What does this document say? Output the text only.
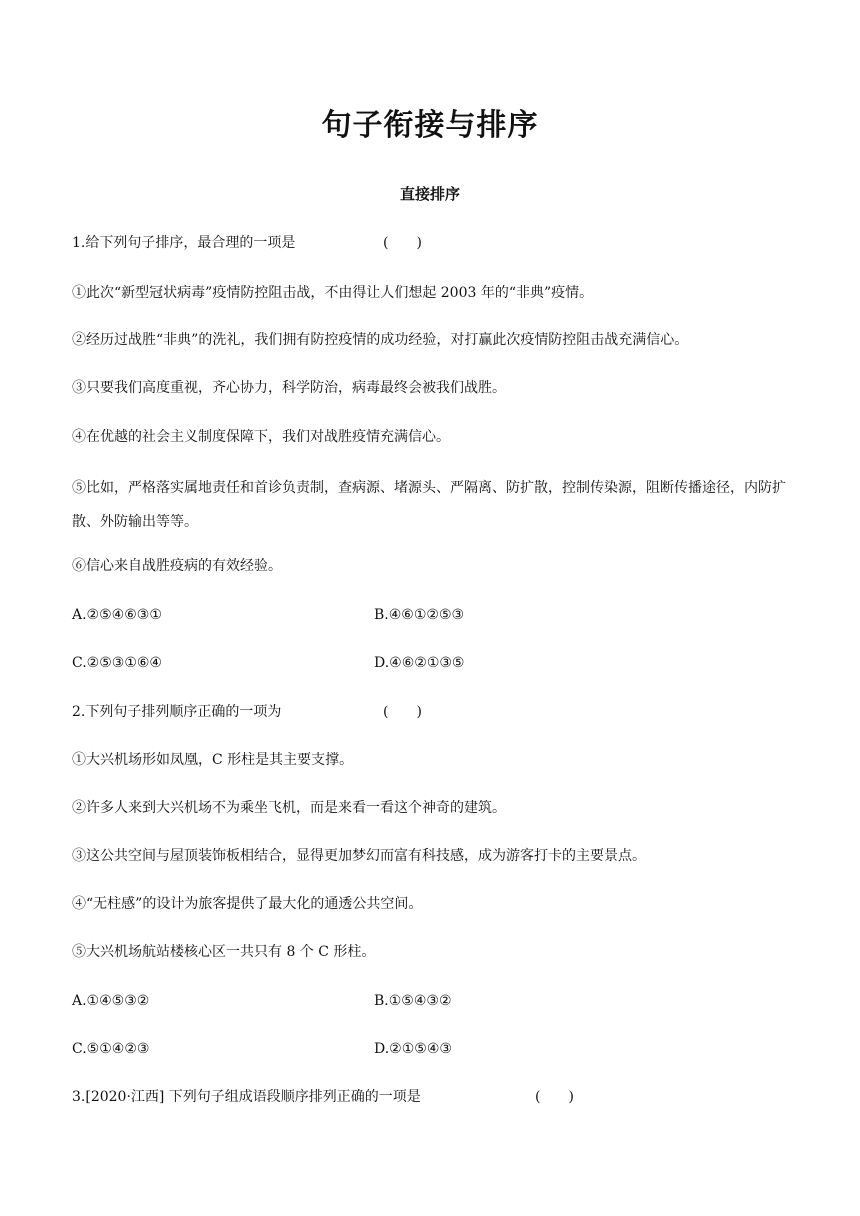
句子衔接与排序
直接排序
1.给下列句子排序，最合理的一项是	(　　)
①此次“新型冠状病毒”疫情防控阻击战，不由得让人们想起 2003 年的“非典”疫情。
②经历过战胜“非典”的洗礼，我们拥有防控疫情的成功经验，对打赢此次疫情防控阻击战充满信心。
③只要我们高度重视，齐心协力，科学防治，病毒最终会被我们战胜。
④在优越的社会主义制度保障下，我们对战胜疫情充满信心。
⑤比如，严格落实属地责任和首诊负责制，查病源、堵源头、严隔离、防扩散，控制传染源，阻断传播途径，内防扩散、外防输出等等。
⑥信心来自战胜疫病的有效经验。
A.②⑤④⑥③①	B.④⑥①②⑤③
C.②⑤③①⑥④	D.④⑥②①③⑤
2.下列句子排列顺序正确的一项为	(　　)
①大兴机场形如凤凰，C 形柱是其主要支撑。
②许多人来到大兴机场不为乘坐飞机，而是来看一看这个神奇的建筑。
③这公共空间与屋顶装饰板相结合，显得更加梦幻而富有科技感，成为游客打卡的主要景点。
④“无柱感”的设计为旅客提供了最大化的通透公共空间。
⑤大兴机场航站楼核心区一共只有 8 个 C 形柱。
A.①④⑤③②	B.①⑤④③②
C.⑤①④②③	D.②①⑤④③
3.[2020·江西] 下列句子组成语段顺序排列正确的一项是	(　　)
